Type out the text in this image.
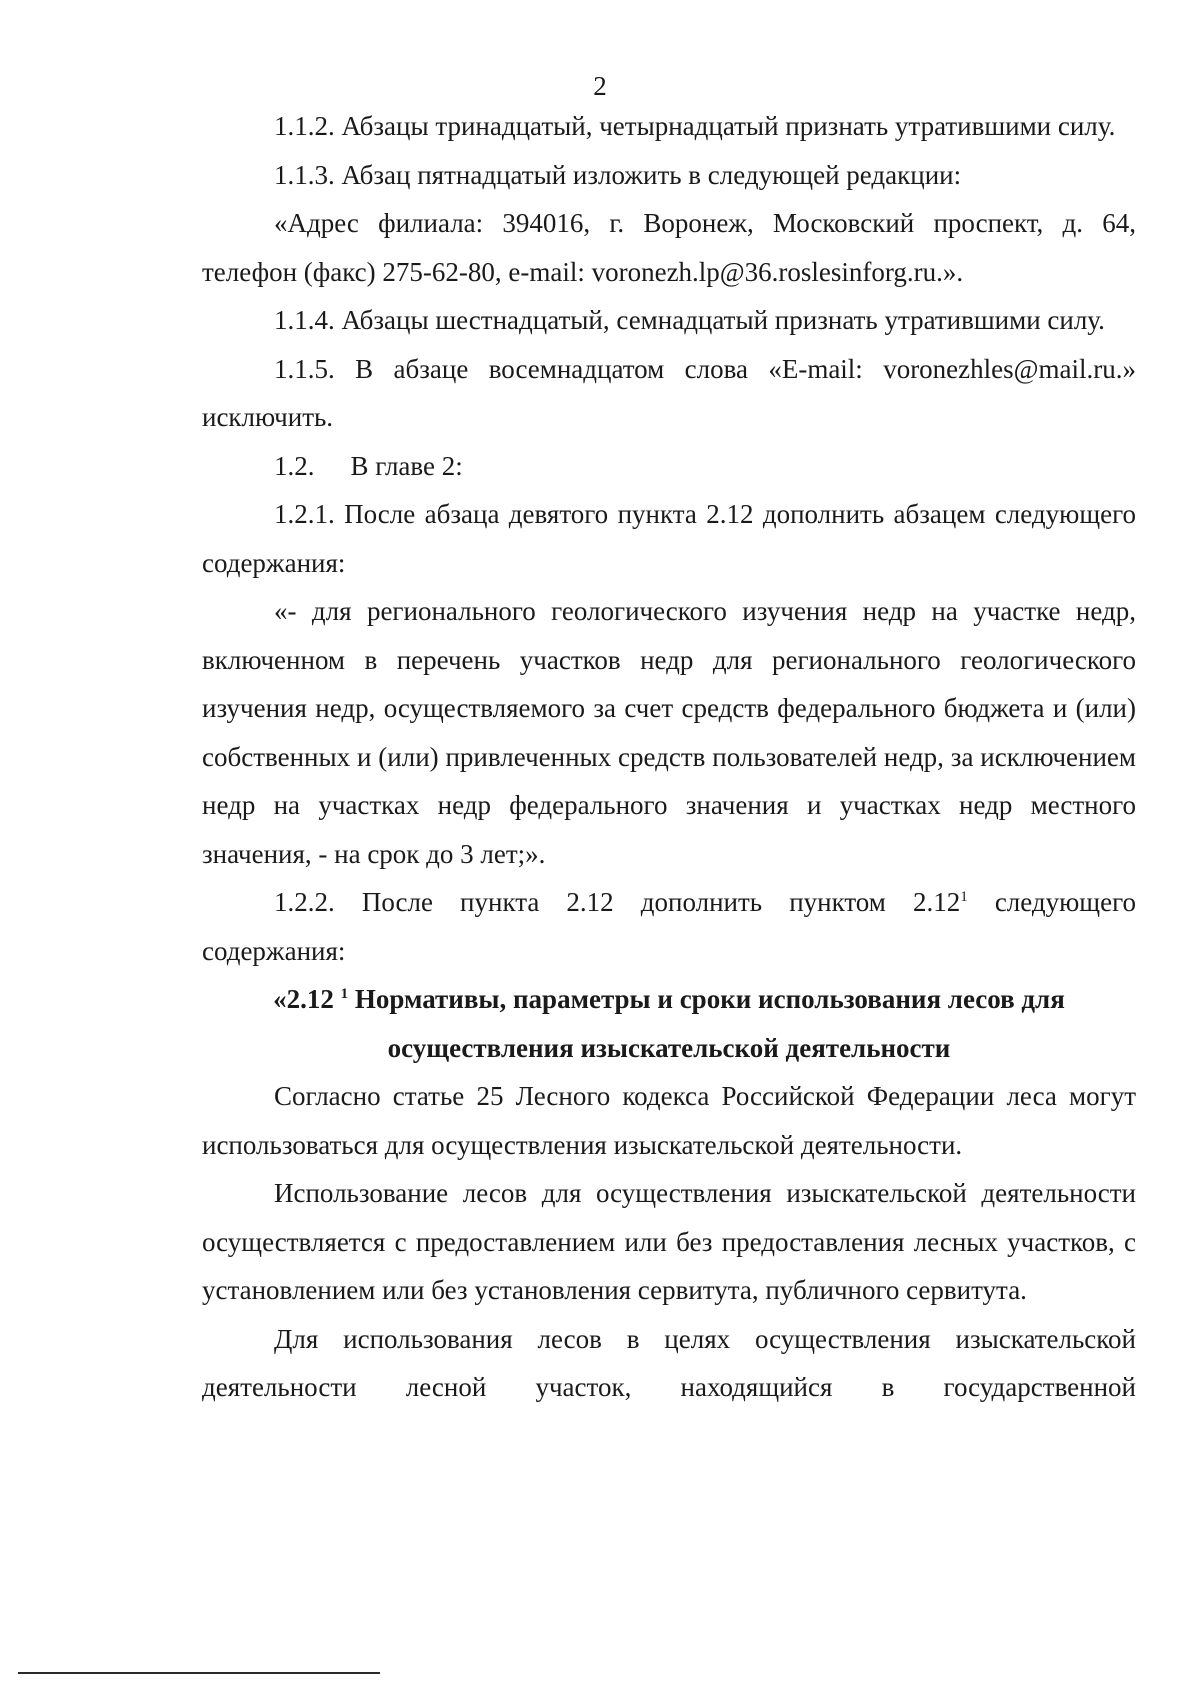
2

1.1.2. Абзацы тринадцатый, четырнадцатый признать утратившими силу.

1.1.3. Абзац пятнадцатый изложить в следующей редакции:

«Адрес филиала: 394016, г. Воронеж, Московский проспект, д. 64, телефон (факс) 275-62-80, e-mail: voronezh.lp@36.roslesinforg.ru.».

1.1.4. Абзацы шестнадцатый, семнадцатый признать утратившими силу.

1.1.5. В абзаце восемнадцатом слова «E-mail: voronezhles@mail.ru.» исключить.

1.2. В главе 2:

1.2.1. После абзаца девятого пункта 2.12 дополнить абзацем следующего содержания:

«- для регионального геологического изучения недр на участке недр, включенном в перечень участков недр для регионального геологического изучения недр, осуществляемого за счет средств федерального бюджета и (или) собственных и (или) привлеченных средств пользователей недр, за исключением недр на участках недр федерального значения и участках недр местного значения, - на срок до 3 лет;».

1.2.2. После пункта 2.12 дополнить пунктом 2.12$^1$ следующего содержания:

«2.12 $^1$ Нормативы, параметры и сроки использования лесов для осуществления изыскательской деятельности

Согласно статье 25 Лесного кодекса Российской Федерации леса могут использоваться для осуществления изыскательской деятельности.

Использование лесов для осуществления изыскательской деятельности осуществляется с предоставлением или без предоставления лесных участков, с установлением или без установления сервитута, публичного сервитута.

Для использования лесов в целях осуществления изыскательской деятельности лесной участок, находящийся в государственной
